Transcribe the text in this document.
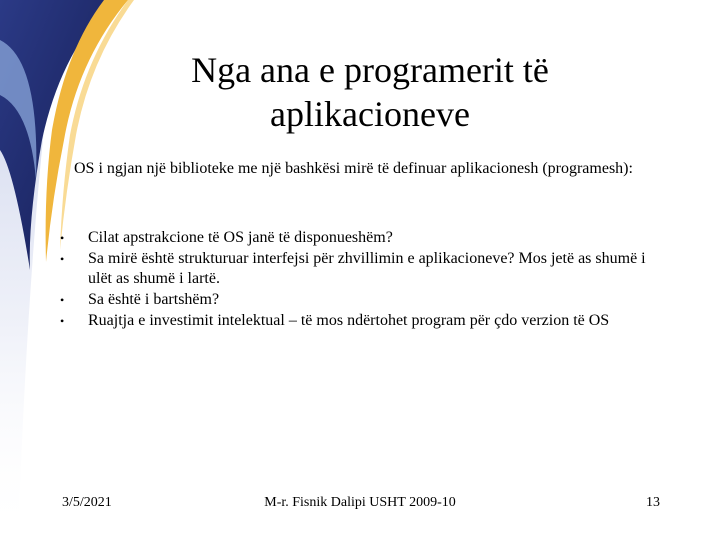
Nga ana e programerit të aplikacioneve
OS i ngjan një biblioteke me një bashkësi mirë të definuar aplikacionesh (programesh):
• Cilat apstrakcione të OS janë të disponueshëm?
• Sa mirë është strukturuar interfejsi për zhvillimin e aplikacioneve? Mos jetë as shumë i ulët as shumë i lartë.
• Sa është i bartshëm?
• Ruajtja e investimit intelektual – të mos ndërtohet program për çdo verzion të OS
3/5/2021	M-r. Fisnik Dalipi USHT 2009-10	13
